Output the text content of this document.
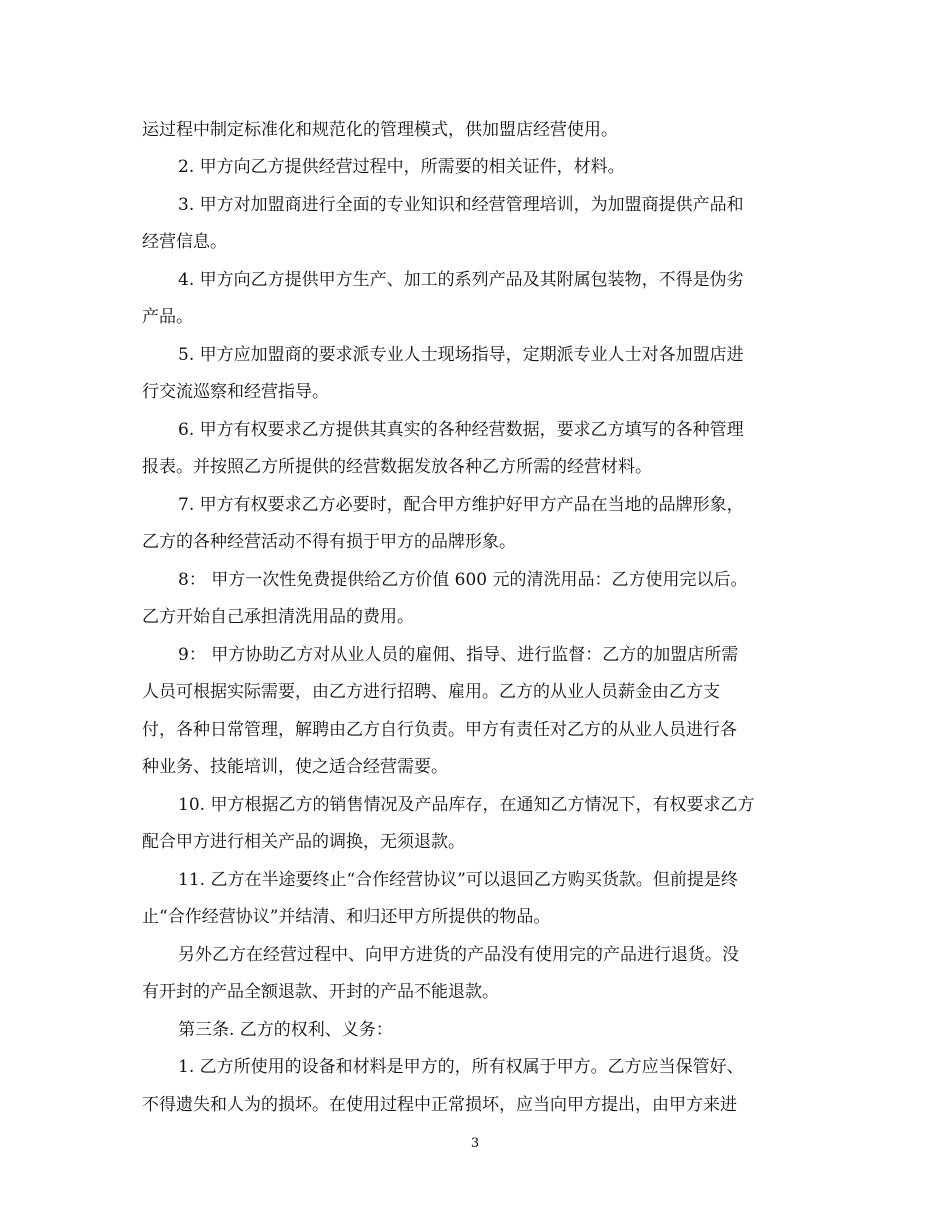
运过程中制定标准化和规范化的管理模式，供加盟店经营使用。
2. 甲方向乙方提供经营过程中，所需要的相关证件，材料。
3. 甲方对加盟商进行全面的专业知识和经营管理培训，为加盟商提供产品和
经营信息。
4. 甲方向乙方提供甲方生产、加工的系列产品及其附属包装物，不得是伪劣
产品。
5. 甲方应加盟商的要求派专业人士现场指导，定期派专业人士对各加盟店进
行交流巡察和经营指导。
6. 甲方有权要求乙方提供其真实的各种经营数据，要求乙方填写的各种管理
报表。并按照乙方所提供的经营数据发放各种乙方所需的经营材料。
7. 甲方有权要求乙方必要时，配合甲方维护好甲方产品在当地的品牌形象，
乙方的各种经营活动不得有损于甲方的品牌形象。
8： 甲方一次性免费提供给乙方价值 600 元的清洗用品：乙方使用完以后。
乙方开始自己承担清洗用品的费用。
9： 甲方协助乙方对从业人员的雇佣、指导、进行监督：乙方的加盟店所需
人员可根据实际需要，由乙方进行招聘、雇用。乙方的从业人员薪金由乙方支
付，各种日常管理，解聘由乙方自行负责。甲方有责任对乙方的从业人员进行各
种业务、技能培训，使之适合经营需要。
10. 甲方根据乙方的销售情况及产品库存，在通知乙方情况下，有权要求乙方
配合甲方进行相关产品的调换，无须退款。
11. 乙方在半途要终止“合作经营协议”可以退回乙方购买货款。但前提是终
止“合作经营协议”并结清、和归还甲方所提供的物品。
另外乙方在经营过程中、向甲方进货的产品没有使用完的产品进行退货。没
有开封的产品全额退款、开封的产品不能退款。
第三条. 乙方的权利、义务：
1. 乙方所使用的设备和材料是甲方的，所有权属于甲方。乙方应当保管好、
不得遗失和人为的损坏。在使用过程中正常损坏，应当向甲方提出，由甲方来进
3
